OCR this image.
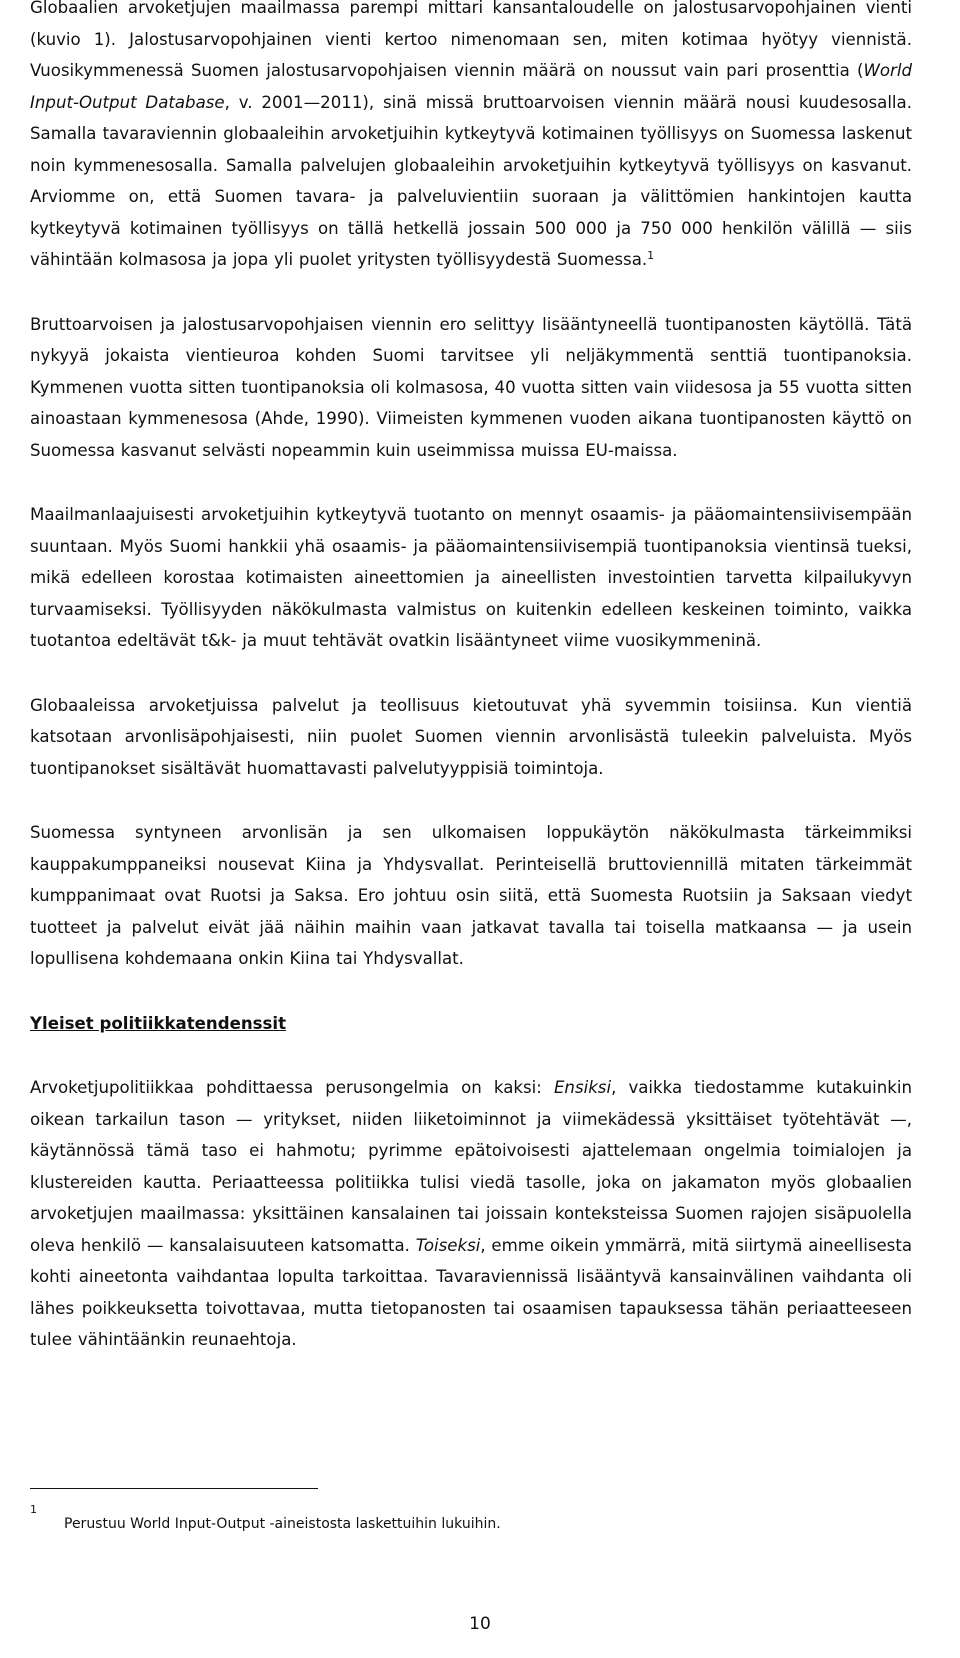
Globaalien arvoketjujen maailmassa parempi mittari kansantaloudelle on jalostusarvopohjainen vienti (kuvio 1). Jalostusarvopohjainen vienti kertoo nimenomaan sen, miten kotimaa hyötyy viennistä. Vuosikymmenessä Suomen jalostusarvopohjaisen viennin määrä on noussut vain pari prosenttia (World Input-Output Database, v. 2001—2011), sinä missä bruttoarvoisen viennin määrä nousi kuudesosalla. Samalla tavaraviennin globaaleihin arvoketjuihin kytkeytyvä kotimainen työllisyys on Suomessa laskenut noin kymmenesosalla. Samalla palvelujen globaaleihin arvoketjuihin kytkeytyvä työllisyys on kasvanut. Arviomme on, että Suomen tavara- ja palveluvientiin suoraan ja välittömien hankintojen kautta kytkeytyvä kotimainen työllisyys on tällä hetkellä jossain 500 000 ja 750 000 henkilön välillä — siis vähintään kolmasosa ja jopa yli puolet yritysten työllisyydestä Suomessa.$^1$

Bruttoarvoisen ja jalostusarvopohjaisen viennin ero selittyy lisääntyneellä tuontipanosten käytöllä. Tätä nykyyä jokaista vientieuroa kohden Suomi tarvitsee yli neljäkymmentä senttiä tuontipanoksia. Kymmenen vuotta sitten tuontipanoksia oli kolmasosa, 40 vuotta sitten vain viidesosa ja 55 vuotta sitten ainoastaan kymmenesosa (Ahde, 1990). Viimeisten kymmenen vuoden aikana tuontipanosten käyttö on Suomessa kasvanut selvästi nopeammin kuin useimmissa muissa EU-maissa.

Maailmanlaajuisesti arvoketjuihin kytkeytyvä tuotanto on mennyt osaamis- ja pääomaintensiivisempään suuntaan. Myös Suomi hankkii yhä osaamis- ja pääomaintensiivisempiä tuontipanoksia vientinsä tueksi, mikä edelleen korostaa kotimaisten aineettomien ja aineellisten investointien tarvetta kilpailukyvyn turvaamiseksi. Työllisyyden näkökulmasta valmistus on kuitenkin edelleen keskeinen toiminto, vaikka tuotantoa edeltävät t&k- ja muut tehtävät ovatkin lisääntyneet viime vuosikymmeninä.

Globaaleissa arvoketjuissa palvelut ja teollisuus kietoutuvat yhä syvemmin toisiinsa. Kun vientiä katsotaan arvonlisäpohjaisesti, niin puolet Suomen viennin arvonlisästä tuleekin palveluista. Myös tuontipanokset sisältävät huomattavasti palvelutyyppisiä toimintoja.

Suomessa syntyneen arvonlisän ja sen ulkomaisen loppukäytön näkökulmasta tärkeimmiksi kauppakumppaneiksi nousevat Kiina ja Yhdysvallat. Perinteisellä bruttoviennillä mitaten tärkeimmät kumppanimaat ovat Ruotsi ja Saksa. Ero johtuu osin siitä, että Suomesta Ruotsiin ja Saksaan viedyt tuotteet ja palvelut eivät jää näihin maihin vaan jatkavat tavalla tai toisella matkaansa — ja usein lopullisena kohdemaana onkin Kiina tai Yhdysvallat.

Yleiset politiikkatendenssit

Arvoketjupolitiikkaa pohdittaessa perusongelmia on kaksi: Ensiksi, vaikka tiedostamme kutakuinkin oikean tarkailun tason — yritykset, niiden liiketoiminnot ja viimekädessä yksittäiset työtehtävät —, käytännössä tämä taso ei hahmotu; pyrimme epätoivoisesti ajattelemaan ongelmia toimialojen ja klustereiden kautta. Periaatteessa politiikka tulisi viedä tasolle, joka on jakamaton myös globaalien arvoketjujen maailmassa: yksittäinen kansalainen tai joissain konteksteissa Suomen rajojen sisäpuolella oleva henkilö — kansalaisuuteen katsomatta. Toiseksi, emme oikein ymmärrä, mitä siirtymä aineellisesta kohti aineetonta vaihdantaa lopulta tarkoittaa. Tavaraviennissä lisääntyvä kansainvälinen vaihdanta oli lähes poikkeuksetta toivottavaa, mutta tietopanosten tai osaamisen tapauksessa tähän periaatteeseen tulee vähintäänkin reunaehtoja.

1
Perustuu World Input-Output -aineistosta laskettuihin lukuihin.
10
